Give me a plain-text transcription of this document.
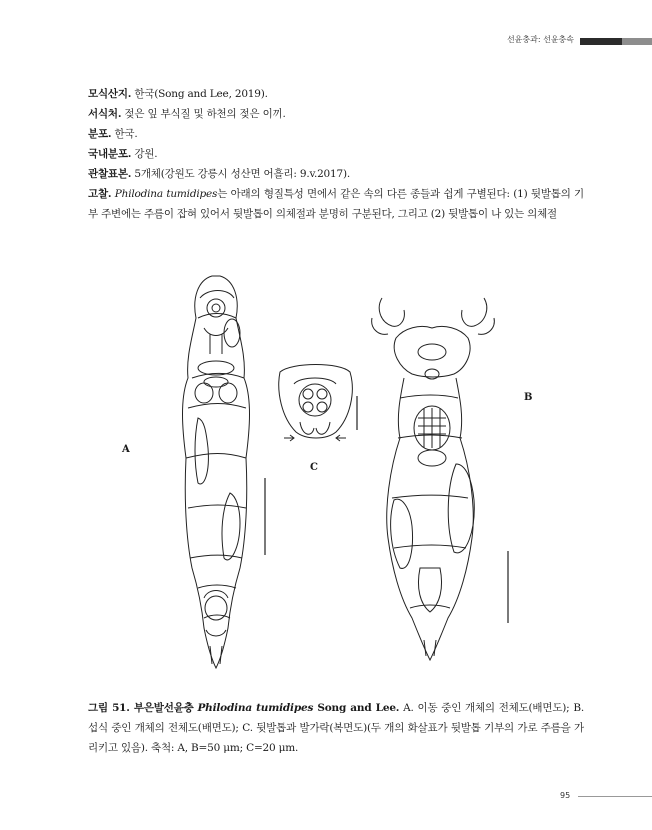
선윤충과: 선윤충속

모식산지. 한국(Song and Lee, 2019).

서식처. 젖은 잎 부식질 및 하천의 젖은 이끼.

분포. 한국.

국내분포. 강원.

관찰표본. 5개체(강원도 강릉시 성산면 어흘리: 9.v.2017).

고찰. Philodina tumidipes는 아래의 형질특성 면에서 같은 속의 다른 종들과 쉽게 구별된다: (1) 뒷발톱의 기부 주변에는 주름이 잡혀 있어서 뒷발톱이 의체절과 분명히 구분된다, 그리고 (2) 뒷발톱이 나 있는 의체절

A
B
C
그림 51. 부은발선윤충 Philodina tumidipes Song and Lee. A. 이동 중인 개체의 전체도(배면도); B. 섭식 중인 개체의 전체도(배면도); C. 뒷발톱과 발가락(복면도)(두 개의 화살표가 뒷발톱 기부의 가로 주름을 가리키고 있음). 축척: A, B=50 μm; C=20 μm.
95
